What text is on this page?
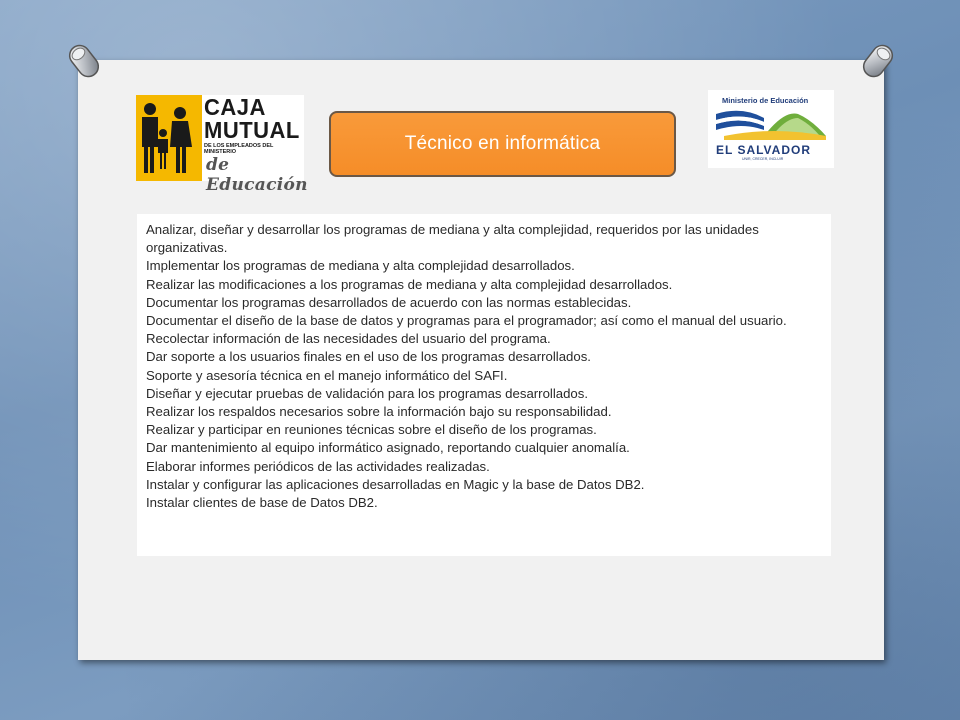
CAJA
MUTUAL
DE LOS EMPLEADOS DEL MINISTERIO
de Educación
Técnico en informática
Ministerio de Educación
EL SALVADOR
UNIR, CRECER, INCLUIR

Analizar, diseñar y desarrollar los programas de mediana y alta complejidad, requeridos por las unidades organizativas.

Implementar los programas de mediana y alta complejidad desarrollados.

Realizar las modificaciones a los programas de mediana y alta complejidad desarrollados.

Documentar los programas desarrollados de acuerdo con las normas establecidas.

Documentar el diseño de la base de datos y programas para el programador; así como el manual del usuario.

Recolectar información de las necesidades del usuario del programa.

Dar soporte a los usuarios finales en el uso de los programas desarrollados.

Soporte y asesoría técnica en el manejo informático del SAFI.

Diseñar y ejecutar pruebas de validación para los programas desarrollados.

Realizar los respaldos necesarios sobre la información bajo su responsabilidad.

Realizar y participar en reuniones técnicas sobre el diseño de los programas.

Dar mantenimiento al equipo informático asignado, reportando cualquier anomalía.

Elaborar informes periódicos de las actividades realizadas.

Instalar y configurar las aplicaciones desarrolladas en Magic y la base de Datos DB2.

Instalar clientes de base de Datos DB2.
